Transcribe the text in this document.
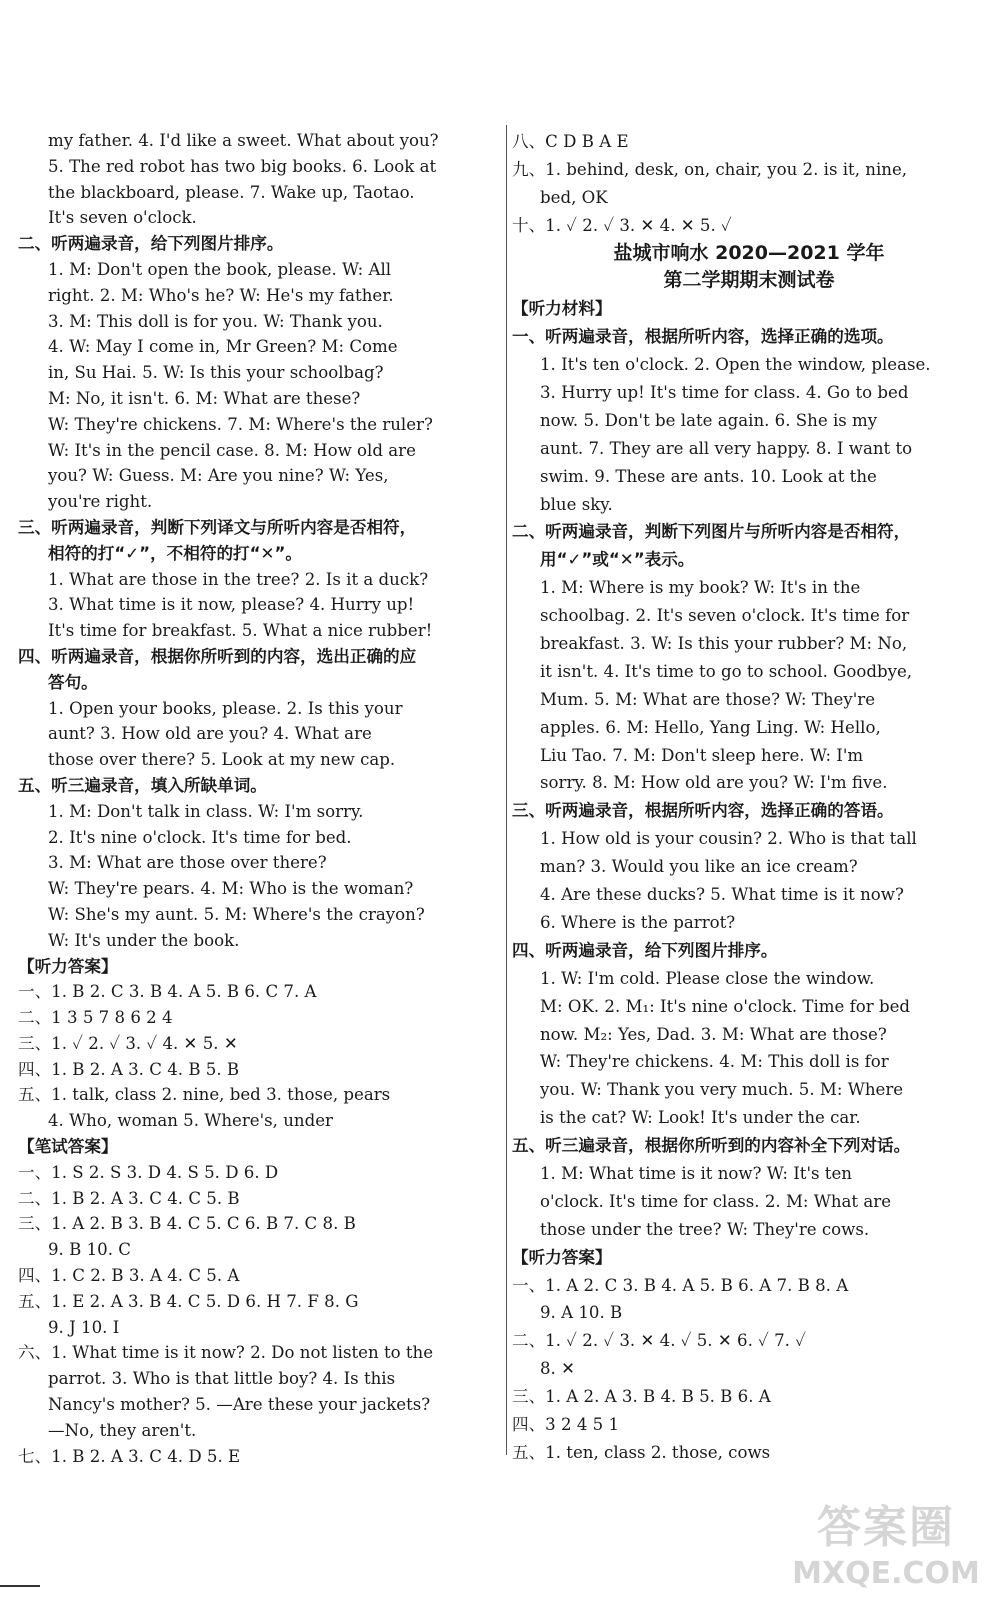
my father. 4. I'd like a sweet. What about you?
5. The red robot has two big books. 6. Look at
the blackboard, please. 7. Wake up, Taotao.
It's seven o'clock.
二、听两遍录音，给下列图片排序。
1. M: Don't open the book, please. W: All
right. 2. M: Who's he? W: He's my father.
3. M: This doll is for you. W: Thank you.
4. W: May I come in, Mr Green? M: Come
in, Su Hai. 5. W: Is this your schoolbag?
M: No, it isn't. 6. M: What are these?
W: They're chickens. 7. M: Where's the ruler?
W: It's in the pencil case. 8. M: How old are
you? W: Guess. M: Are you nine? W: Yes,
you're right.
三、听两遍录音，判断下列译文与所听内容是否相符，
相符的打“✓”，不相符的打“✕”。
1. What are those in the tree? 2. Is it a duck?
3. What time is it now, please? 4. Hurry up!
It's time for breakfast. 5. What a nice rubber!
四、听两遍录音，根据你所听到的内容，选出正确的应
答句。
1. Open your books, please. 2. Is this your
aunt? 3. How old are you? 4. What are
those over there? 5. Look at my new cap.
五、听三遍录音，填入所缺单词。
1. M: Don't talk in class. W: I'm sorry.
2. It's nine o'clock. It's time for bed.
3. M: What are those over there?
W: They're pears. 4. M: Who is the woman?
W: She's my aunt. 5. M: Where's the crayon?
W: It's under the book.
【听力答案】
一、1. B 2. C 3. B 4. A 5. B 6. C 7. A
二、1 3 5 7 8 6 2 4
三、1. ✓ 2. ✓ 3. ✓ 4. ✕ 5. ✕
四、1. B 2. A 3. C 4. B 5. B
五、1. talk, class 2. nine, bed 3. those, pears
4. Who, woman 5. Where's, under
【笔试答案】
一、1. S 2. S 3. D 4. S 5. D 6. D
二、1. B 2. A 3. C 4. C 5. B
三、1. A 2. B 3. B 4. C 5. C 6. B 7. C 8. B
9. B 10. C
四、1. C 2. B 3. A 4. C 5. A
五、1. E 2. A 3. B 4. C 5. D 6. H 7. F 8. G
9. J 10. I
六、1. What time is it now? 2. Do not listen to the
parrot. 3. Who is that little boy? 4. Is this
Nancy's mother? 5. —Are these your jackets?
—No, they aren't.
七、1. B 2. A 3. C 4. D 5. E
八、C D B A E
九、1. behind, desk, on, chair, you 2. is it, nine,
bed, OK
十、1. ✓ 2. ✓ 3. ✕ 4. ✕ 5. ✓
盐城市响水 2020—2021 学年
第二学期期末测试卷
【听力材料】
一、听两遍录音，根据所听内容，选择正确的选项。
1. It's ten o'clock. 2. Open the window, please.
3. Hurry up! It's time for class. 4. Go to bed
now. 5. Don't be late again. 6. She is my
aunt. 7. They are all very happy. 8. I want to
swim. 9. These are ants. 10. Look at the
blue sky.
二、听两遍录音，判断下列图片与所听内容是否相符，
用“✓”或“✕”表示。
1. M: Where is my book? W: It's in the
schoolbag. 2. It's seven o'clock. It's time for
breakfast. 3. W: Is this your rubber? M: No,
it isn't. 4. It's time to go to school. Goodbye,
Mum. 5. M: What are those? W: They're
apples. 6. M: Hello, Yang Ling. W: Hello,
Liu Tao. 7. M: Don't sleep here. W: I'm
sorry. 8. M: How old are you? W: I'm five.
三、听两遍录音，根据所听内容，选择正确的答语。
1. How old is your cousin? 2. Who is that tall
man? 3. Would you like an ice cream?
4. Are these ducks? 5. What time is it now?
6. Where is the parrot?
四、听两遍录音，给下列图片排序。
1. W: I'm cold. Please close the window.
M: OK. 2. M₁: It's nine o'clock. Time for bed
now. M₂: Yes, Dad. 3. M: What are those?
W: They're chickens. 4. M: This doll is for
you. W: Thank you very much. 5. M: Where
is the cat? W: Look! It's under the car.
五、听三遍录音，根据你所听到的内容补全下列对话。
1. M: What time is it now? W: It's ten
o'clock. It's time for class. 2. M: What are
those under the tree? W: They're cows.
【听力答案】
一、1. A 2. C 3. B 4. A 5. B 6. A 7. B 8. A
9. A 10. B
二、1. ✓ 2. ✓ 3. ✕ 4. ✓ 5. ✕ 6. ✓ 7. ✓
8. ✕
三、1. A 2. A 3. B 4. B 5. B 6. A
四、3 2 4 5 1
五、1. ten, class 2. those, cows
答案圈
MXQE.COM
